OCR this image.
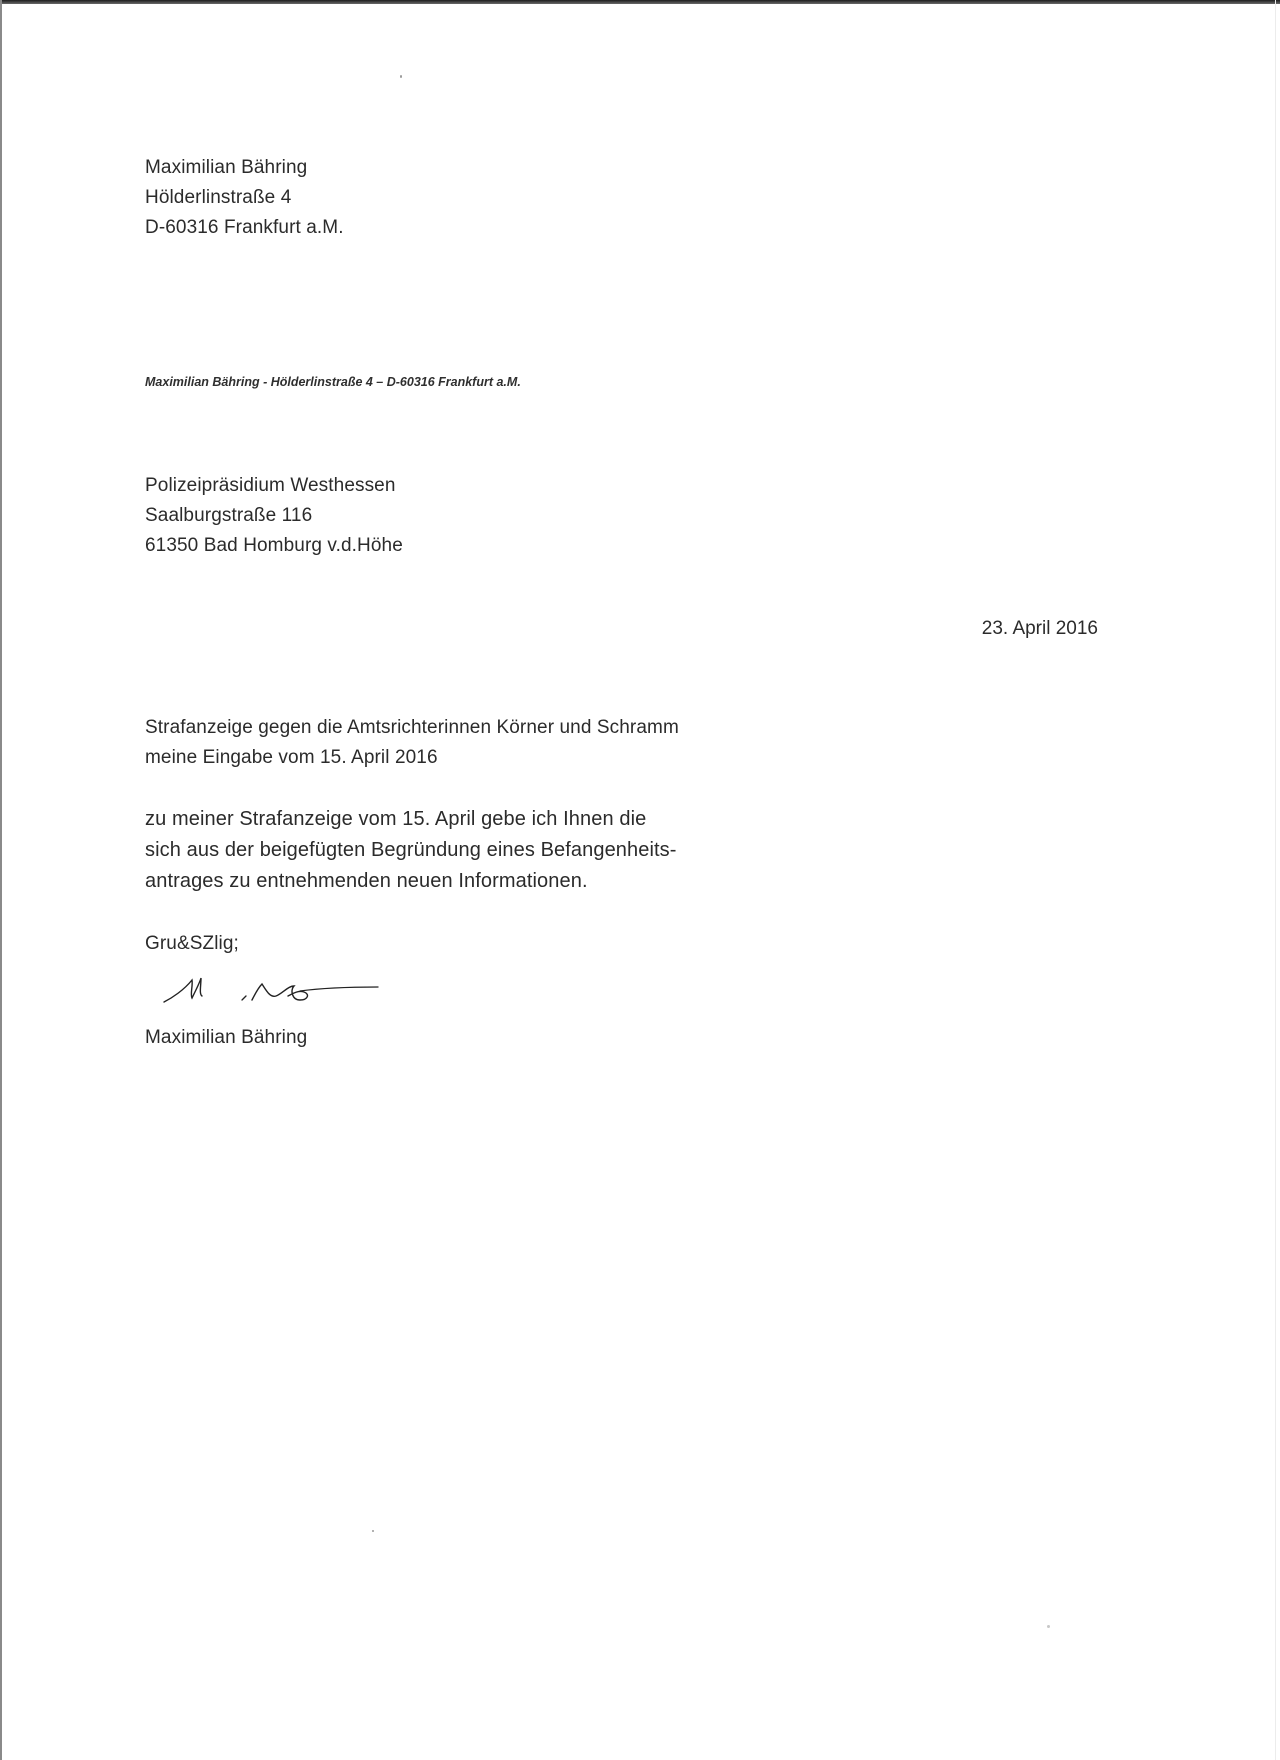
Maximilian Bähring
Hölderlinstraße 4
D-60316 Frankfurt a.M.
Maximilian Bähring - Hölderlinstraße 4 – D-60316 Frankfurt a.M.
Polizeipräsidium Westhessen
Saalburgstraße 116
61350 Bad Homburg v.d.Höhe
23. April 2016
Strafanzeige gegen die Amtsrichterinnen Körner und Schramm
meine Eingabe vom 15. April 2016
zu meiner Strafanzeige vom 15. April gebe ich Ihnen die
sich aus der beigefügten Begründung eines Befangenheits-
antrages zu entnehmenden neuen Informationen.
Gru&SZlig;
Maximilian Bähring
